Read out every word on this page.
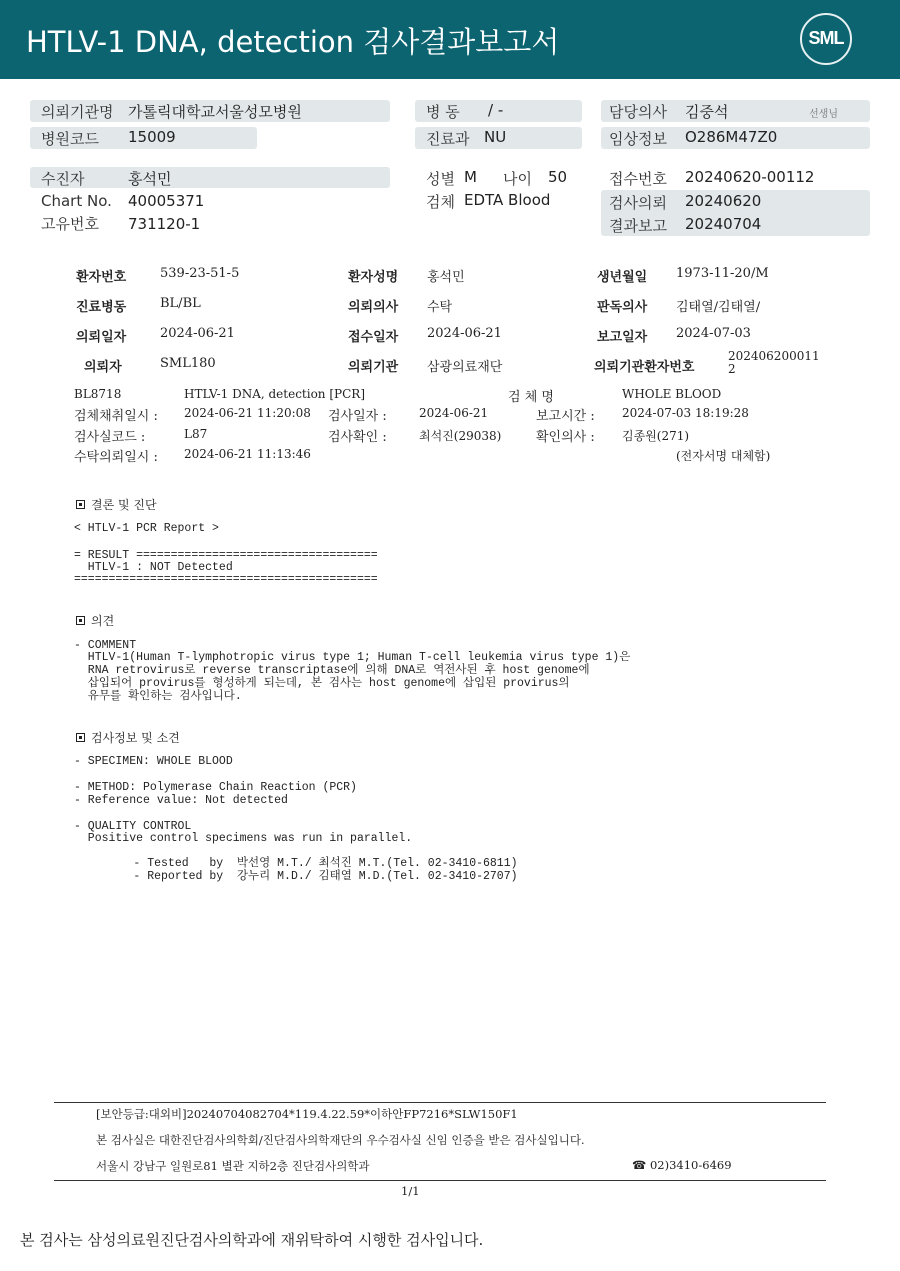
HTLV-1 DNA, detection 검사결과보고서	SML
의뢰기관명 가톨릭대학교서울성모병원
병원코드 15009
병 동 / -
진료과 NU
담당의사 김중석	선생님
임상정보 O286M47Z0
수진자	홍석민
Chart No. 40005371
고유번호 731120-1
성별 M 나이 50
검체 EDTA Blood
접수번호 20240620-00112
검사의뢰 20240620
결과보고 20240704
환자번호	539-23-51-5	환자성명 홍석민	생년월일 1973-11-20/M
진료병동	BL/BL	의뢰의사 수탁	판독의사 김태열/김태열/
의뢰일자	2024-06-21	접수일자 2024-06-21	보고일자 2024-07-03
의뢰자	SML180	의뢰기관 삼광의료재단	의뢰기관환자번호
202406200011
2
BL8718	HTLV-1 DNA, detection [PCR]	검 체 명	WHOLE BLOOD
검체채취일시 : 2024-06-21 11:20:08 검사일자 :	2024-06-21	보고시간 : 2024-07-03 18:19:28
검사실코드 :	L87	검사확인 :	최석진(29038)	확인의사 : 김종원(271)
수탁의뢰일시 : 2024-06-21 11:13:46	(전자서명 대체함)
결론 및 진단
< HTLV-1 PCR Report >
= RESULT ===================================
HTLV-1 : NOT Detected
============================================
의견
- COMMENT
HTLV-1(Human T-lymphotropic virus type 1; Human T-cell leukemia virus type 1)은
RNA retrovirus로 reverse transcriptase에 의해 DNA로 역전사된 후 host genome에
삽입되어 provirus를 형성하게 되는데, 본 검사는 host genome에 삽입된 provirus의
유무를 확인하는 검사입니다.
검사정보 및 소견
- SPECIMEN: WHOLE BLOOD
- METHOD: Polymerase Chain Reaction (PCR)
- Reference value: Not detected
- QUALITY CONTROL
Positive control specimens was run in parallel.
- Tested   by  박선영 M.T./ 최석진 M.T.(Tel. 02-3410-6811)
- Reported by  강누리 M.D./ 김태열 M.D.(Tel. 02-3410-2707)
[보안등급:대외비]20240704082704*119.4.22.59*이하안FP7216*SLW150F1
본 검사실은 대한진단검사의학회/진단검사의학재단의 우수검사실 신임 인증을 받은 검사실입니다.
서울시 강남구 일원로81 별관 지하2층 진단검사의학과	☎ 02)3410-6469
1/1
본 검사는 삼성의료원진단검사의학과에 재위탁하여 시행한 검사입니다.
